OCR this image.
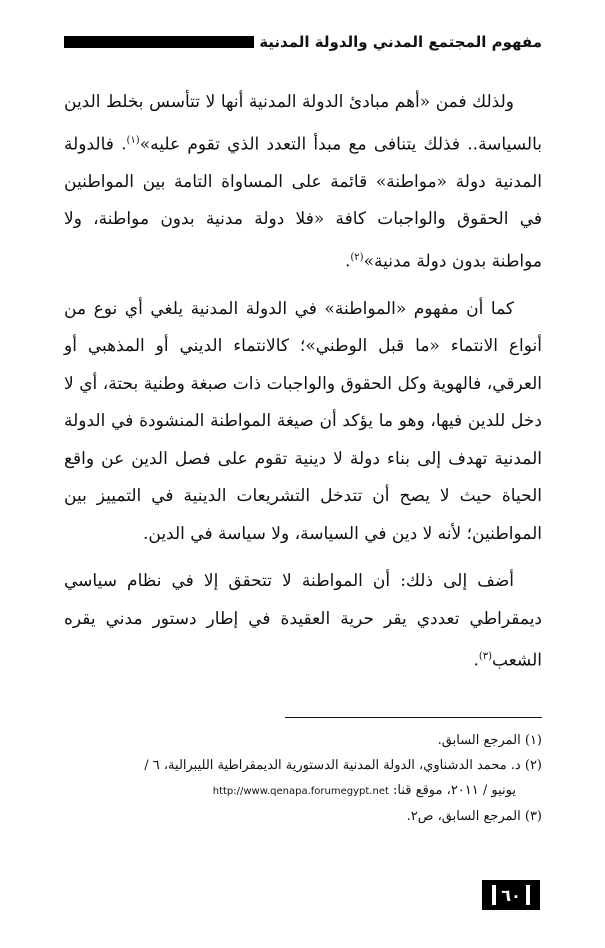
مفهوم المجتمع المدني والدولة المدنية

ولذلك فمن «أهم مبادئ الدولة المدنية أنها لا تتأسس بخلط الدين بالسياسة.. فذلك يتنافى مع مبدأ التعدد الذي تقوم عليه»$^{(١)}$. فالدولة المدنية دولة «مواطنة» قائمة على المساواة التامة بين المواطنين في الحقوق والواجبات كافة «فلا دولة مدنية بدون مواطنة، ولا مواطنة بدون دولة مدنية»$^{(٢)}$.

كما أن مفهوم «المواطنة» في الدولة المدنية يلغي أي نوع من أنواع الانتماء «ما قبل الوطني»؛ كالانتماء الديني أو المذهبي أو العرقي، فالهوية وكل الحقوق والواجبات ذات صبغة وطنية بحتة، أي لا دخل للدين فيها، وهو ما يؤكد أن صيغة المواطنة المنشودة في الدولة المدنية تهدف إلى بناء دولة لا دينية تقوم على فصل الدين عن واقع الحياة حيث لا يصح أن تتدخل التشريعات الدينية في التمييز بين المواطنين؛ لأنه لا دين في السياسة، ولا سياسة في الدين.

أضف إلى ذلك: أن المواطنة لا تتحقق إلا في نظام سياسي ديمقراطي تعددي يقر حرية العقيدة في إطار دستور مدني يقره الشعب$^{(٣)}$.

(١) المرجع السابق.

(٢) د. محمد الدشناوي، الدولة المدنية الدستورية الديمقراطية الليبرالية، ٦ /

يونيو / ٢٠١١، موقع قنا: http://www.qenapa.forumegypt.net

(٣) المرجع السابق، ص٢.

٦٠
